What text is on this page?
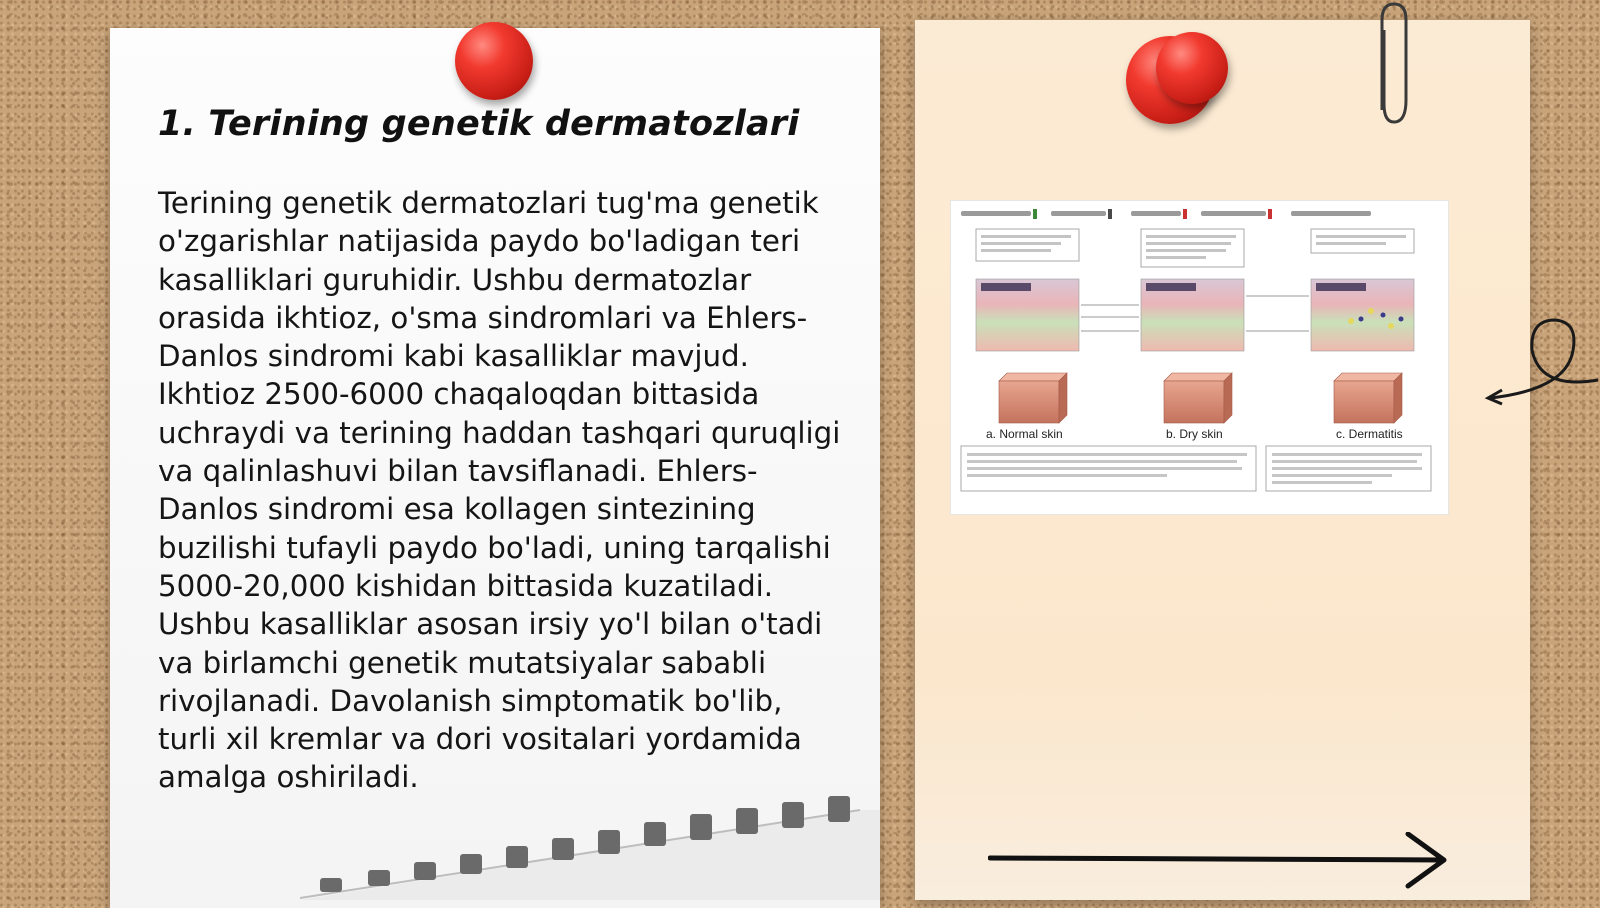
1. Terining genetik dermatozlari

Terining genetik dermatozlari tug'ma genetik o'zgarishlar natijasida paydo bo'ladigan teri kasalliklari guruhidir. Ushbu dermatozlar orasida ikhtioz, o'sma sindromlari va Ehlers-Danlos sindromi kabi kasalliklar mavjud. Ikhtioz 2500-6000 chaqaloqdan bittasida uchraydi va terining haddan tashqari quruqligi va qalinlashuvi bilan tavsiflanadi. Ehlers-Danlos sindromi esa kollagen sintezining buzilishi tufayli paydo bo'ladi, uning tarqalishi 5000-20,000 kishidan bittasida kuzatiladi. Ushbu kasalliklar asosan irsiy yo'l bilan o'tadi va birlamchi genetik mutatsiyalar sababli rivojlanadi. Davolanish simptomatik bo'lib, turli xil kremlar va dori vositalari yordamida amalga oshiriladi.

a. Normal skin	b. Dry skin	c. Dermatitis
